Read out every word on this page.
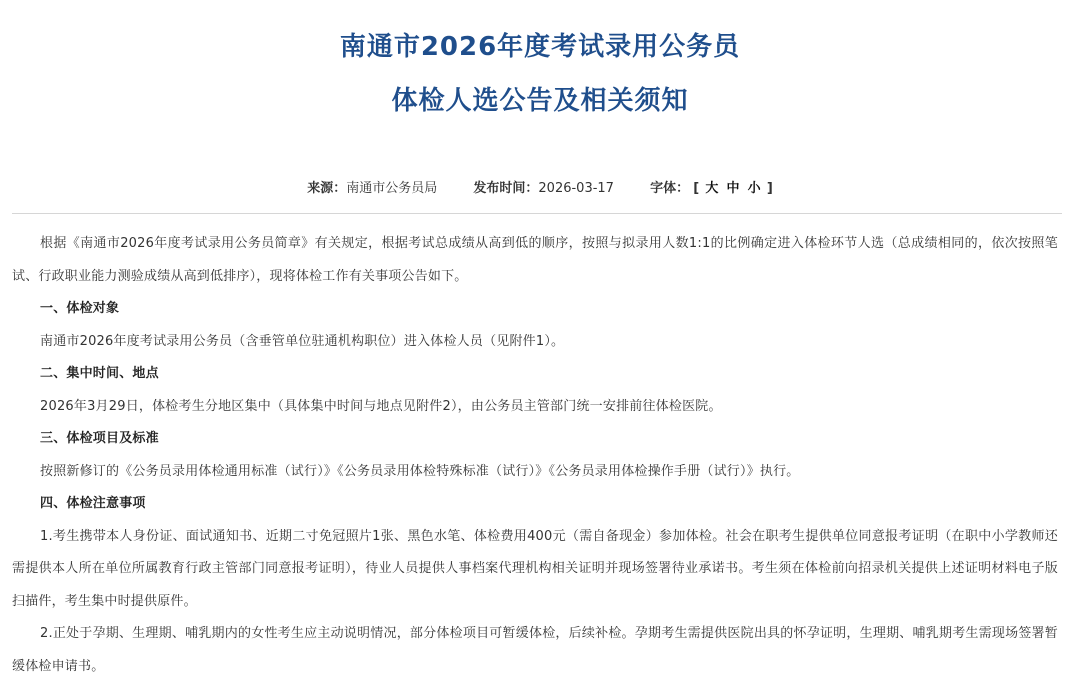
南通市2026年度考试录用公务员
体检人选公告及相关须知
来源：南通市公务员局	发布时间：2026-03-17	字体： [ 大 中 小 ]

根据《南通市2026年度考试录用公务员简章》有关规定，根据考试总成绩从高到低的顺序，按照与拟录用人数1:1的比例确定进入体检环节人选（总成绩相同的，依次按照笔试、行政职业能力测验成绩从高到低排序），现将体检工作有关事项公告如下。

一、体检对象

南通市2026年度考试录用公务员（含垂管单位驻通机构职位）进入体检人员（见附件1）。

二、集中时间、地点

2026年3月29日，体检考生分地区集中（具体集中时间与地点见附件2），由公务员主管部门统一安排前往体检医院。

三、体检项目及标准

按照新修订的《公务员录用体检通用标准（试行）》《公务员录用体检特殊标准（试行）》《公务员录用体检操作手册（试行）》执行。

四、体检注意事项

1.考生携带本人身份证、面试通知书、近期二寸免冠照片1张、黑色水笔、体检费用400元（需自备现金）参加体检。社会在职考生提供单位同意报考证明（在职中小学教师还需提供本人所在单位所属教育行政主管部门同意报考证明），待业人员提供人事档案代理机构相关证明并现场签署待业承诺书。考生须在体检前向招录机关提供上述证明材料电子版扫描件，考生集中时提供原件。

2.正处于孕期、生理期、哺乳期内的女性考生应主动说明情况，部分体检项目可暂缓体检，后续补检。孕期考生需提供医院出具的怀孕证明，生理期、哺乳期考生需现场签署暂缓体检申请书。
